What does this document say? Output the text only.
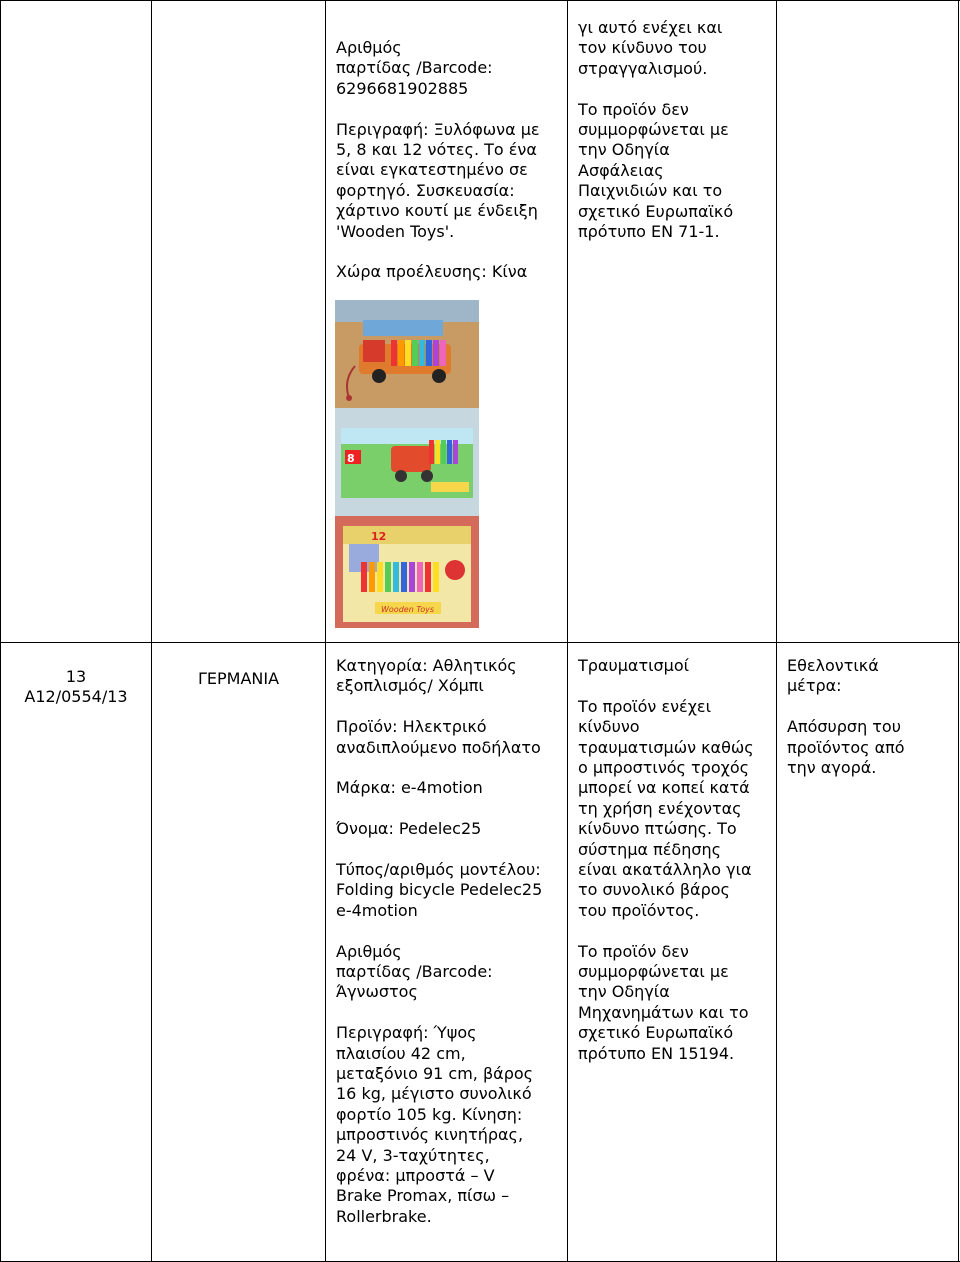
Αριθμός
παρτίδας /Barcode:
6296681902885

Περιγραφή: Ξυλόφωνα με
5, 8 και 12 νότες. Το ένα
είναι εγκατεστημένο σε
φορτηγό. Συσκευασία:
χάρτινο κουτί με ένδειξη
'Wooden Toys'.

Χώρα προέλευσης: Κίνα

8
12
Wooden Toys

γι αυτό ενέχει και
τον κίνδυνο του
στραγγαλισμού.

Το προϊόν δεν
συμμορφώνεται με
την Οδηγία
Ασφάλειας
Παιχνιδιών και το
σχετικό Ευρωπαϊκό
πρότυπο ΕΝ 71-1.

13
A12/0554/13
ΓΕΡΜΑΝΙΑ

Κατηγορία: Αθλητικός
εξοπλισμός/ Χόμπι

Προϊόν: Ηλεκτρικό
αναδιπλούμενο ποδήλατο

Μάρκα: e-4motion

Όνομα: Pedelec25

Τύπος/αριθμός μοντέλου:
Folding bicycle Pedelec25
e-4motion

Αριθμός
παρτίδας /Barcode:
Άγνωστος

Περιγραφή: Ύψος
πλαισίου 42 cm,
μεταξόνιο 91 cm, βάρος
16 kg, μέγιστο συνολικό
φορτίο 105 kg. Κίνηση:
μπροστινός κινητήρας,
24 V, 3-ταχύτητες,
φρένα: μπροστά – V
Brake Promax, πίσω –
Rollerbrake.

Τραυματισμοί

Το προϊόν ενέχει
κίνδυνο
τραυματισμών καθώς
ο μπροστινός τροχός
μπορεί να κοπεί κατά
τη χρήση ενέχοντας
κίνδυνο πτώσης. Το
σύστημα πέδησης
είναι ακατάλληλο για
το συνολικό βάρος
του προϊόντος.

Το προϊόν δεν
συμμορφώνεται με
την Οδηγία
Μηχανημάτων και το
σχετικό Ευρωπαϊκό
πρότυπο ΕΝ 15194.

Εθελοντικά
μέτρα:

Απόσυρση του
προϊόντος από
την αγορά.
